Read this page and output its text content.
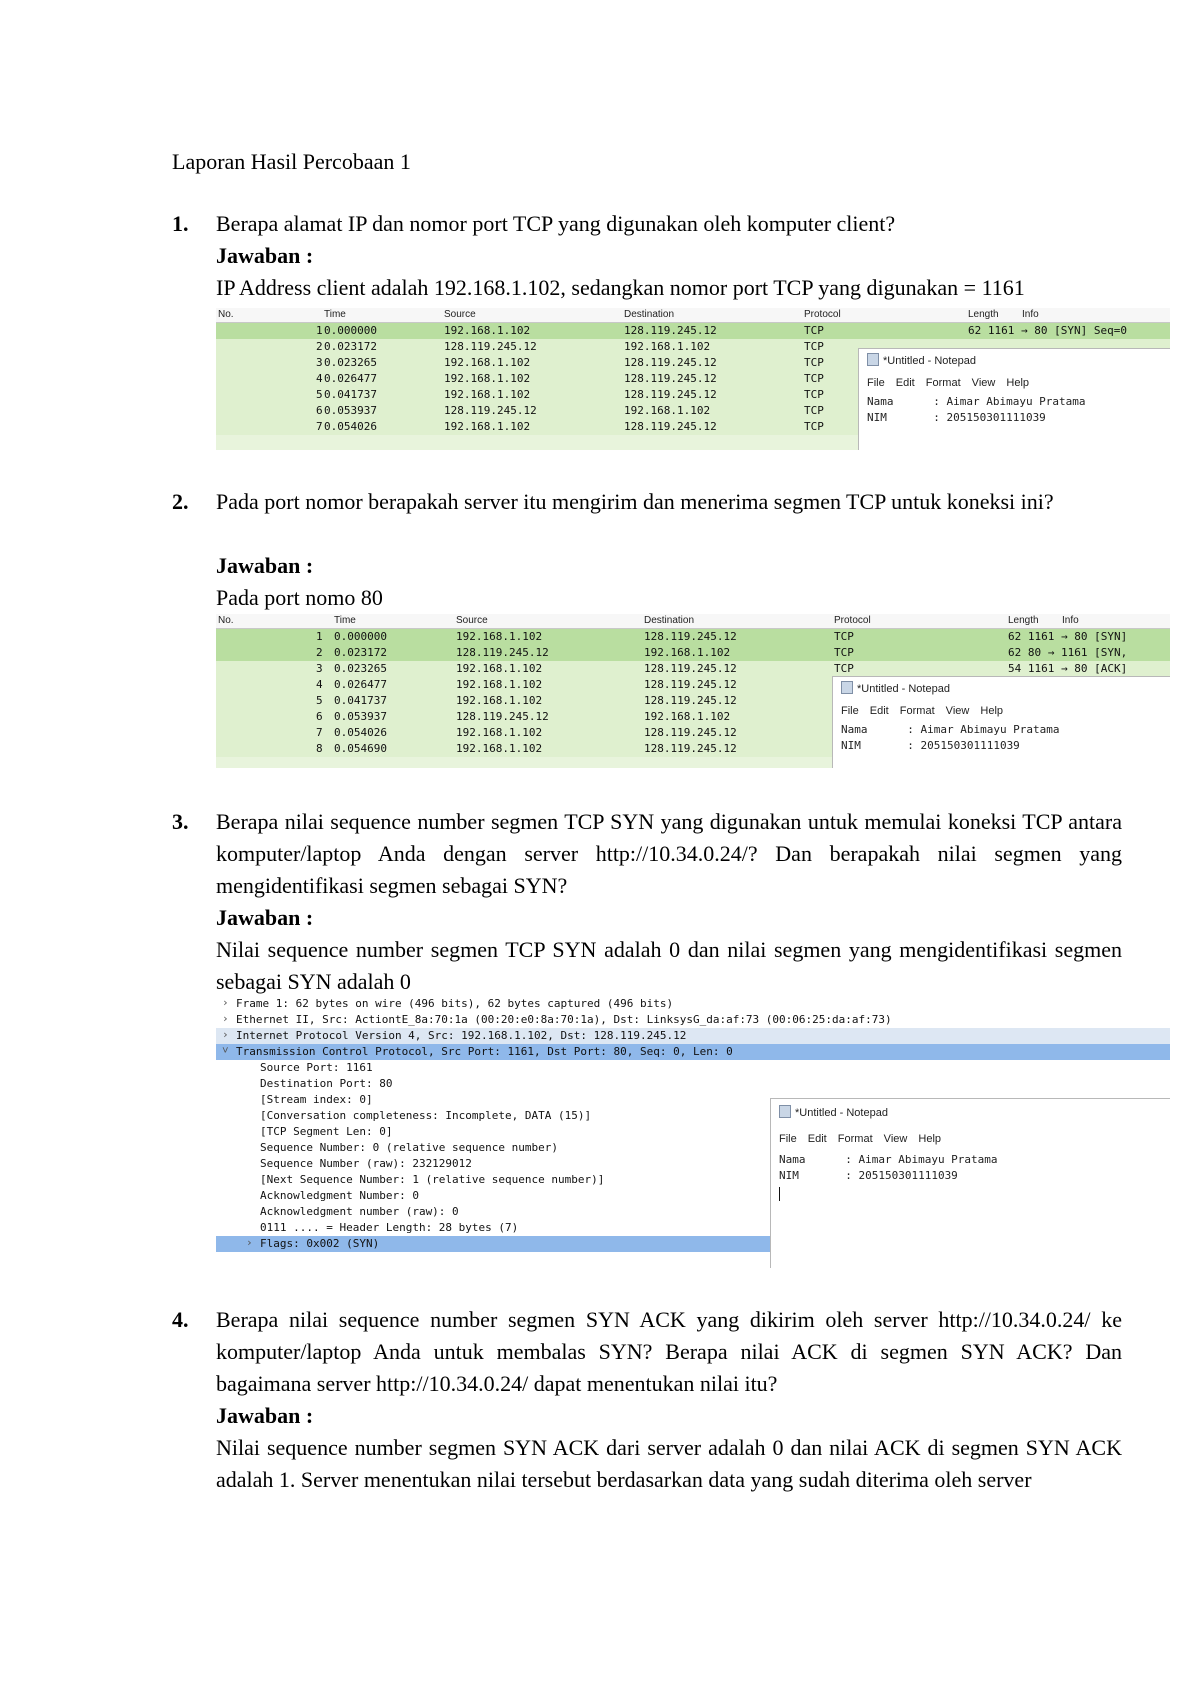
Laporan Hasil Percobaan 1
1. Berapa alamat IP dan nomor port TCP yang digunakan oleh komputer client?
Jawaban :
IP Address client adalah 192.168.1.102, sedangkan nomor port TCP yang digunakan = 1161
No.	Time	Source	Destination	Protocol	Length Info
1 0.000000	192.168.1.102	128.119.245.12	TCP	62 1161 → 80 [SYN] Seq=0
2 0.023172	128.119.245.12	192.168.1.102	TCP
3 0.023265	192.168.1.102	128.119.245.12	TCP
4 0.026477	192.168.1.102	128.119.245.12	TCP
5 0.041737	192.168.1.102	128.119.245.12	TCP
6 0.053937	128.119.245.12	192.168.1.102	TCP
7 0.054026	192.168.1.102	128.119.245.12	TCP
*Untitled - Notepad
File Edit Format View Help
Nama      : Aimar Abimayu Pratama
NIM       : 205150301111039
2. Pada port nomor berapakah server itu mengirim dan menerima segmen TCP untuk koneksi ini?
Jawaban :
Pada port nomo 80
No.	Time	Source	Destination	Protocol	Length Info
1 0.000000	192.168.1.102	128.119.245.12	TCP	62 1161 → 80 [SYN]
2 0.023172	128.119.245.12	192.168.1.102	TCP	62 80 → 1161 [SYN,
3 0.023265	192.168.1.102	128.119.245.12	TCP	54 1161 → 80 [ACK]
4 0.026477	192.168.1.102	128.119.245.12
5 0.041737	192.168.1.102	128.119.245.12
6 0.053937	128.119.245.12	192.168.1.102
7 0.054026	192.168.1.102	128.119.245.12
8 0.054690	192.168.1.102	128.119.245.12
*Untitled - Notepad
File Edit Format View Help
Nama      : Aimar Abimayu Pratama
NIM       : 205150301111039
3. Berapa nilai sequence number segmen TCP SYN yang digunakan untuk memulai koneksi TCP antara komputer/laptop Anda dengan server http://10.34.0.24/? Dan berapakah nilai segmen yang mengidentifikasi segmen sebagai SYN?
Jawaban :
Nilai sequence number segmen TCP SYN adalah 0 dan nilai segmen yang mengidentifikasi segmen sebagai SYN adalah 0
› Frame 1: 62 bytes on wire (496 bits), 62 bytes captured (496 bits)
› Ethernet II, Src: ActiontE_8a:70:1a (00:20:e0:8a:70:1a), Dst: LinksysG_da:af:73 (00:06:25:da:af:73)
› Internet Protocol Version 4, Src: 192.168.1.102, Dst: 128.119.245.12
˅ Transmission Control Protocol, Src Port: 1161, Dst Port: 80, Seq: 0, Len: 0
Source Port: 1161
Destination Port: 80
[Stream index: 0]
[Conversation completeness: Incomplete, DATA (15)]
[TCP Segment Len: 0]
Sequence Number: 0 (relative sequence number)
Sequence Number (raw): 232129012
[Next Sequence Number: 1 (relative sequence number)]
Acknowledgment Number: 0
Acknowledgment number (raw): 0
0111 .... = Header Length: 28 bytes (7)
› Flags: 0x002 (SYN)
*Untitled - Notepad
File Edit Format View Help
Nama      : Aimar Abimayu Pratama
NIM       : 205150301111039
4. Berapa nilai sequence number segmen SYN ACK yang dikirim oleh server http://10.34.0.24/ ke komputer/laptop Anda untuk membalas SYN? Berapa nilai ACK di segmen SYN ACK? Dan bagaimana server http://10.34.0.24/ dapat menentukan nilai itu?
Jawaban :
Nilai sequence number segmen SYN ACK dari server adalah 0 dan nilai ACK di segmen SYN ACK adalah 1. Server menentukan nilai tersebut berdasarkan data yang sudah diterima oleh server
